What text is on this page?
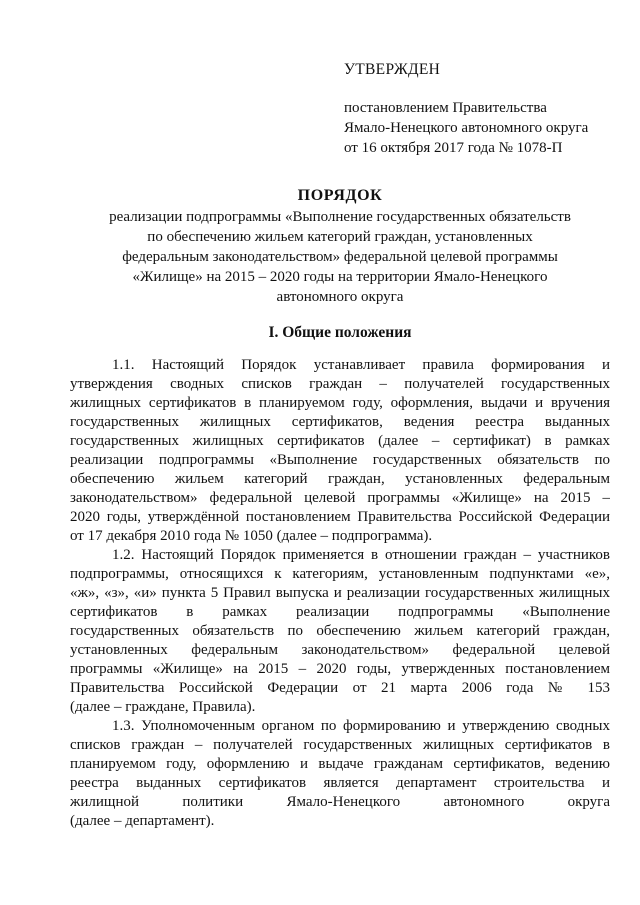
УТВЕРЖДЕН
постановлением Правительства
Ямало-Ненецкого автономного округа
от 16 октября 2017 года № 1078-П
ПОРЯДОК
реализации подпрограммы «Выполнение государственных обязательств
по обеспечению жильем категорий граждан, установленных
федеральным законодательством» федеральной целевой программы
«Жилище» на 2015 – 2020 годы на территории Ямало-Ненецкого
автономного округа
I. Общие положения
1.1. Настоящий Порядок устанавливает правила формирования и
утверждения сводных списков граждан – получателей государственных
жилищных сертификатов в планируемом году, оформления, выдачи и вручения
государственных жилищных сертификатов, ведения реестра выданных
государственных жилищных сертификатов (далее – сертификат) в рамках
реализации подпрограммы «Выполнение государственных обязательств по
обеспечению жильем категорий граждан, установленных федеральным
законодательством» федеральной целевой программы «Жилище» на 2015 –
2020 годы, утверждённой постановлением Правительства Российской Федерации
от 17 декабря 2010 года № 1050 (далее – подпрограмма).
1.2. Настоящий Порядок применяется в отношении граждан – участников
подпрограммы, относящихся к категориям, установленным подпунктами «е»,
«ж», «з», «и» пункта 5 Правил выпуска и реализации государственных жилищных
сертификатов в рамках реализации подпрограммы «Выполнение
государственных обязательств по обеспечению жильем категорий граждан,
установленных федеральным законодательством» федеральной целевой
программы «Жилище» на 2015 – 2020 годы, утвержденных постановлением
Правительства Российской Федерации от 21 марта 2006 года № 153
(далее – граждане, Правила).
1.3. Уполномоченным органом по формированию и утверждению сводных
списков граждан – получателей государственных жилищных сертификатов в
планируемом году, оформлению и выдаче гражданам сертификатов, ведению
реестра выданных сертификатов является департамент строительства и
жилищной политики Ямало-Ненецкого автономного округа
(далее – департамент).
